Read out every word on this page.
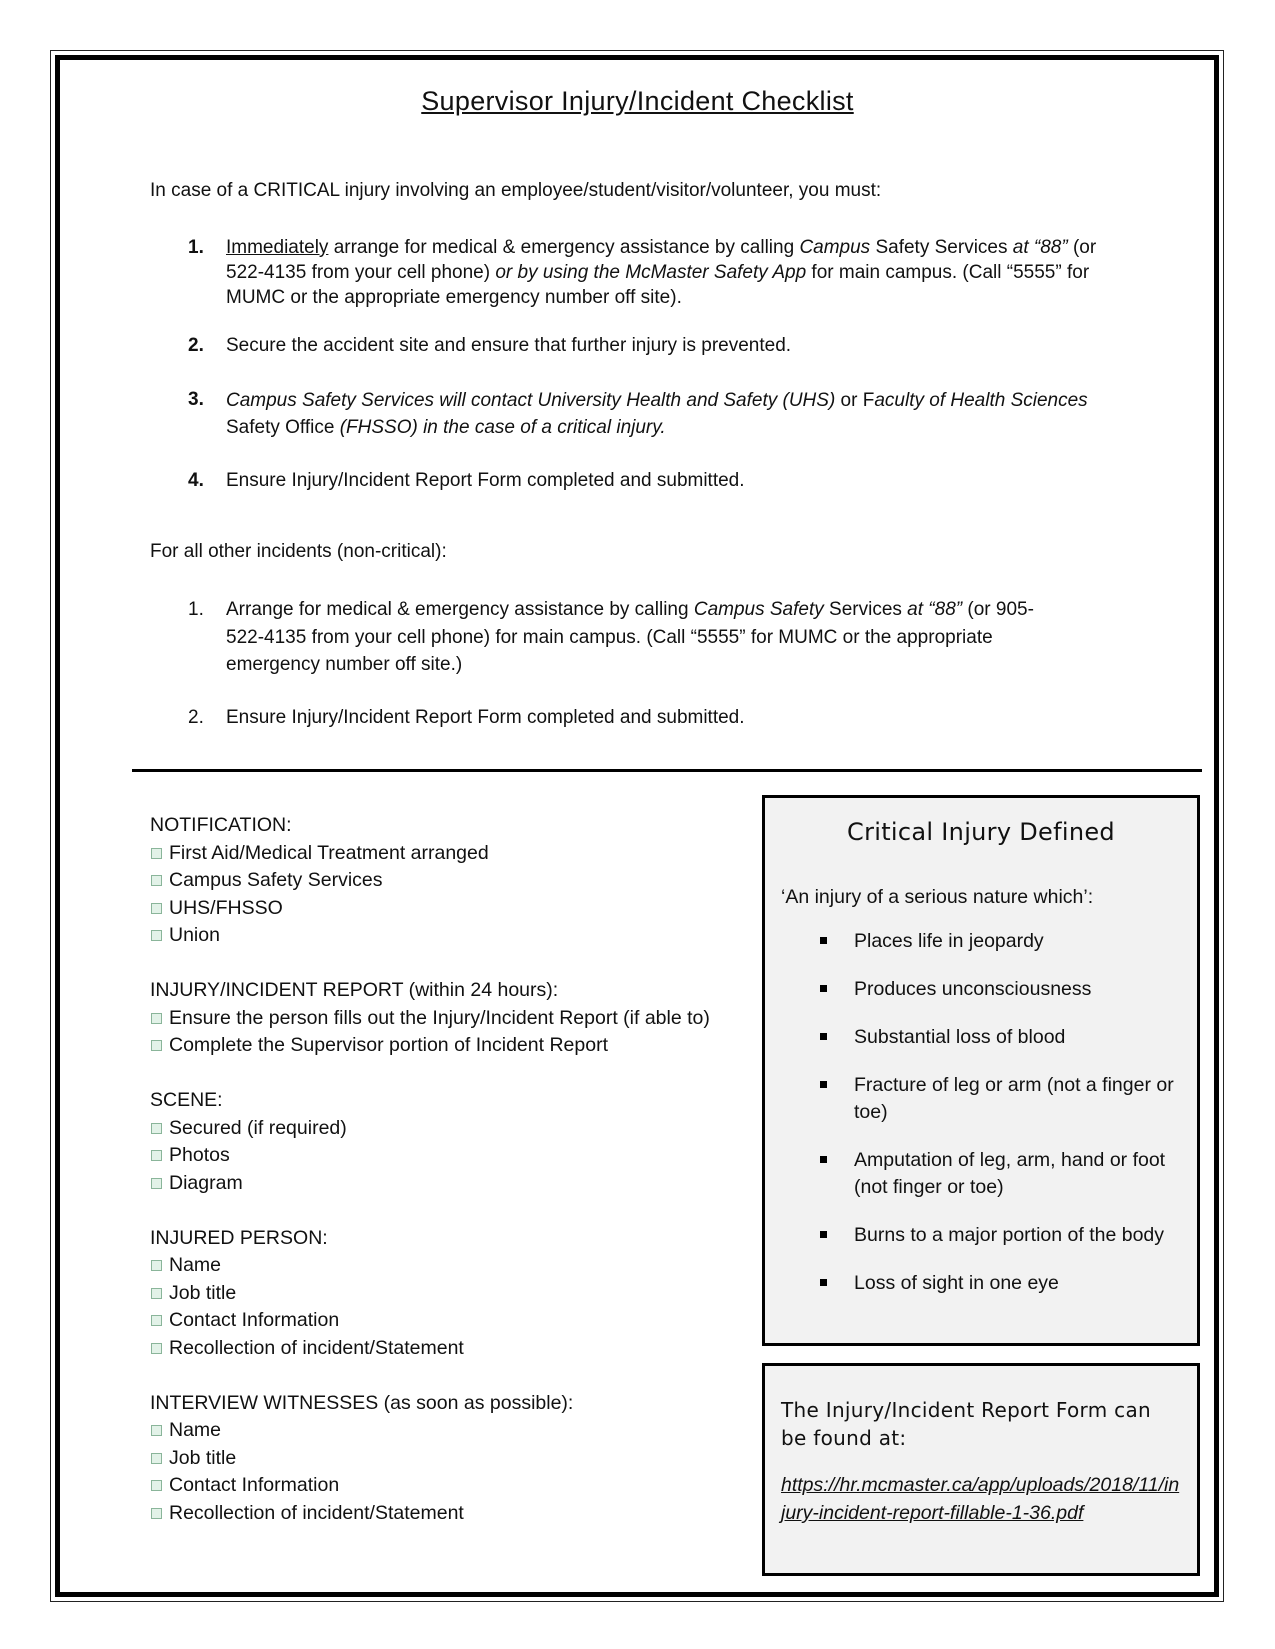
Supervisor Injury/Incident Checklist
In case of a CRITICAL injury involving an employee/student/visitor/volunteer, you must:
1. Immediately arrange for medical & emergency assistance by calling Campus Safety Services at “88” (or 522-4135 from your cell phone) or by using the McMaster Safety App for main campus. (Call “5555” for MUMC or the appropriate emergency number off site).
2. Secure the accident site and ensure that further injury is prevented.
3. Campus Safety Services will contact University Health and Safety (UHS) or Faculty of Health Sciences Safety Office (FHSSO) in the case of a critical injury.
4. Ensure Injury/Incident Report Form completed and submitted.
For all other incidents (non-critical):
1. Arrange for medical & emergency assistance by calling Campus Safety Services at “88” (or 905-522-4135 from your cell phone) for main campus. (Call “5555” for MUMC or the appropriate emergency number off site.)
2. Ensure Injury/Incident Report Form completed and submitted.
NOTIFICATION:
First Aid/Medical Treatment arranged
Campus Safety Services
UHS/FHSSO
Union
INJURY/INCIDENT REPORT (within 24 hours):
Ensure the person fills out the Injury/Incident Report (if able to)
Complete the Supervisor portion of Incident Report
SCENE:
Secured (if required)
Photos
Diagram
INJURED PERSON:
Name
Job title
Contact Information
Recollection of incident/Statement
INTERVIEW WITNESSES (as soon as possible):
Name
Job title
Contact Information
Recollection of incident/Statement
Critical Injury Defined
‘An injury of a serious nature which’:
Places life in jeopardy
Produces unconsciousness
Substantial loss of blood
Fracture of leg or arm (not a finger or toe)
Amputation of leg, arm, hand or foot (not finger or toe)
Burns to a major portion of the body
Loss of sight in one eye
The Injury/Incident Report Form can be found at:
https://hr.mcmaster.ca/app/uploads/2018/11/injury-incident-report-fillable-1-36.pdf
